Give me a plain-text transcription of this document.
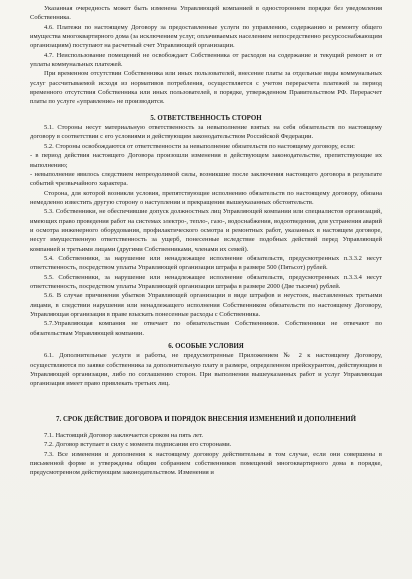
Указанная очередность может быть изменена Управляющей компанией в одностороннем порядке без уведомления Собственника.

4.6. Платежи по настоящему Договору за предоставленные услуги по управлению, содержанию и ремонту общего имущества многоквартирного дома (за исключением услуг, оплачиваемых населением непосредственно ресурсоснабжающим организациям) поступают на расчетный счет Управляющей организации.

4.7. Неиспользование помещений не освобождает Собственника от расходов на содержание и текущий ремонт и от уплаты коммунальных платежей.

При временном отсутствии Собственника или иных пользователей, внесение платы за отдельные виды коммунальных услуг рассчитываемой исходя из нормативов потребления, осуществляется с учетом перерасчета платежей за период временного отсутствия Собственника или иных пользователей, в порядке, утвержденном Правительством РФ. Перерасчет платы по услуге «управление» не производится.

5. ОТВЕТСТВЕННОСТЬ СТОРОН

5.1. Стороны несут материальную ответственность за невыполнение взятых на себя обязательств по настоящему договору в соответствии с его условиями и действующим законодательством Российской Федерации.

5.2. Стороны освобождаются от ответственности за невыполнение обязательств по настоящему договору, если:

- в период действия настоящего Договора произошли изменения в действующем законодательстве, препятствующие их выполнению;

- невыполнение явилось следствием непреодолимой силы, возникшие после заключения настоящего договора в результате событий чрезвычайного характера.

Сторона, для которой возникли условия, препятствующие исполнению обязательств по настоящему договору, обязана немедленно известить другую сторону о наступлении и прекращении вышеуказанных обстоятельств.

5.3. Собственники, не обеспечившие допуск должностных лиц Управляющей компании или специалистов организаций, имеющих право проведения работ на системах электро-, тепло-, газо-, водоснабжения, водоотведения, для устранения аварий и осмотра инженерного оборудования, профилактического осмотра и ремонтных работ, указанных в настоящем договоре, несут имущественную ответственность за ущерб, понесенные вследствие подобных действий перед Управляющей компанией и третьими лицами (другими Собственниками, членами их семей).

5.4. Собственники, за нарушение или ненадлежащее исполнение обязательств, предусмотренных п.3.3.2 несут ответственность, посредством уплаты Управляющей организации штрафа в размере 500 (Пятьсот) рублей.

5.5. Собственники, за нарушение или ненадлежащее исполнение обязательств, предусмотренных п.3.3.4 несут ответственность, посредством уплаты Управляющей организации штрафа в размере 2000 (Две тысячи) рублей.

5.6. В случае причинения убытков Управляющей организации в виде штрафов и неустоек, выставленных третьими лицами, в следствии нарушения или ненадлежащего исполнения Собственником обязательств по настоящему Договору, Управляющая организация в праве взыскать понесенные расходы с Собственника.

5.7.Управляющая компания не отвечает по обязательствам Собственников. Собственники не отвечают по обязательствам Управляющей компании.

6. ОСОБЫЕ УСЛОВИЯ

6.1. Дополнительные услуги и работы, не предусмотренные Приложением № 2 к настоящему Договору, осуществляются по заявке собственника за дополнительную плату в размере, определенном прейскурантом, действующим в Управляющей организации, либо по соглашению сторон. При выполнении вышеуказанных работ и услуг Управляющая организация имеет право привлекать третьих лиц.

7. СРОК ДЕЙСТВИЕ ДОГОВОРА И ПОРЯДОК ВНЕСЕНИЯ ИЗМЕНЕНИЙ И ДОПОЛНЕНИЙ

7.1. Настоящий Договор заключается сроком на пять лет.

7.2. Договор вступает в силу с момента подписания его сторонами.

7.3. Все изменения и дополнения к настоящему договору действительны в том случае, если они совершены в письменной форме и утверждены общим собранием собственников помещений многоквартирного дома в порядке, предусмотренном действующим законодательством. Изменения и
